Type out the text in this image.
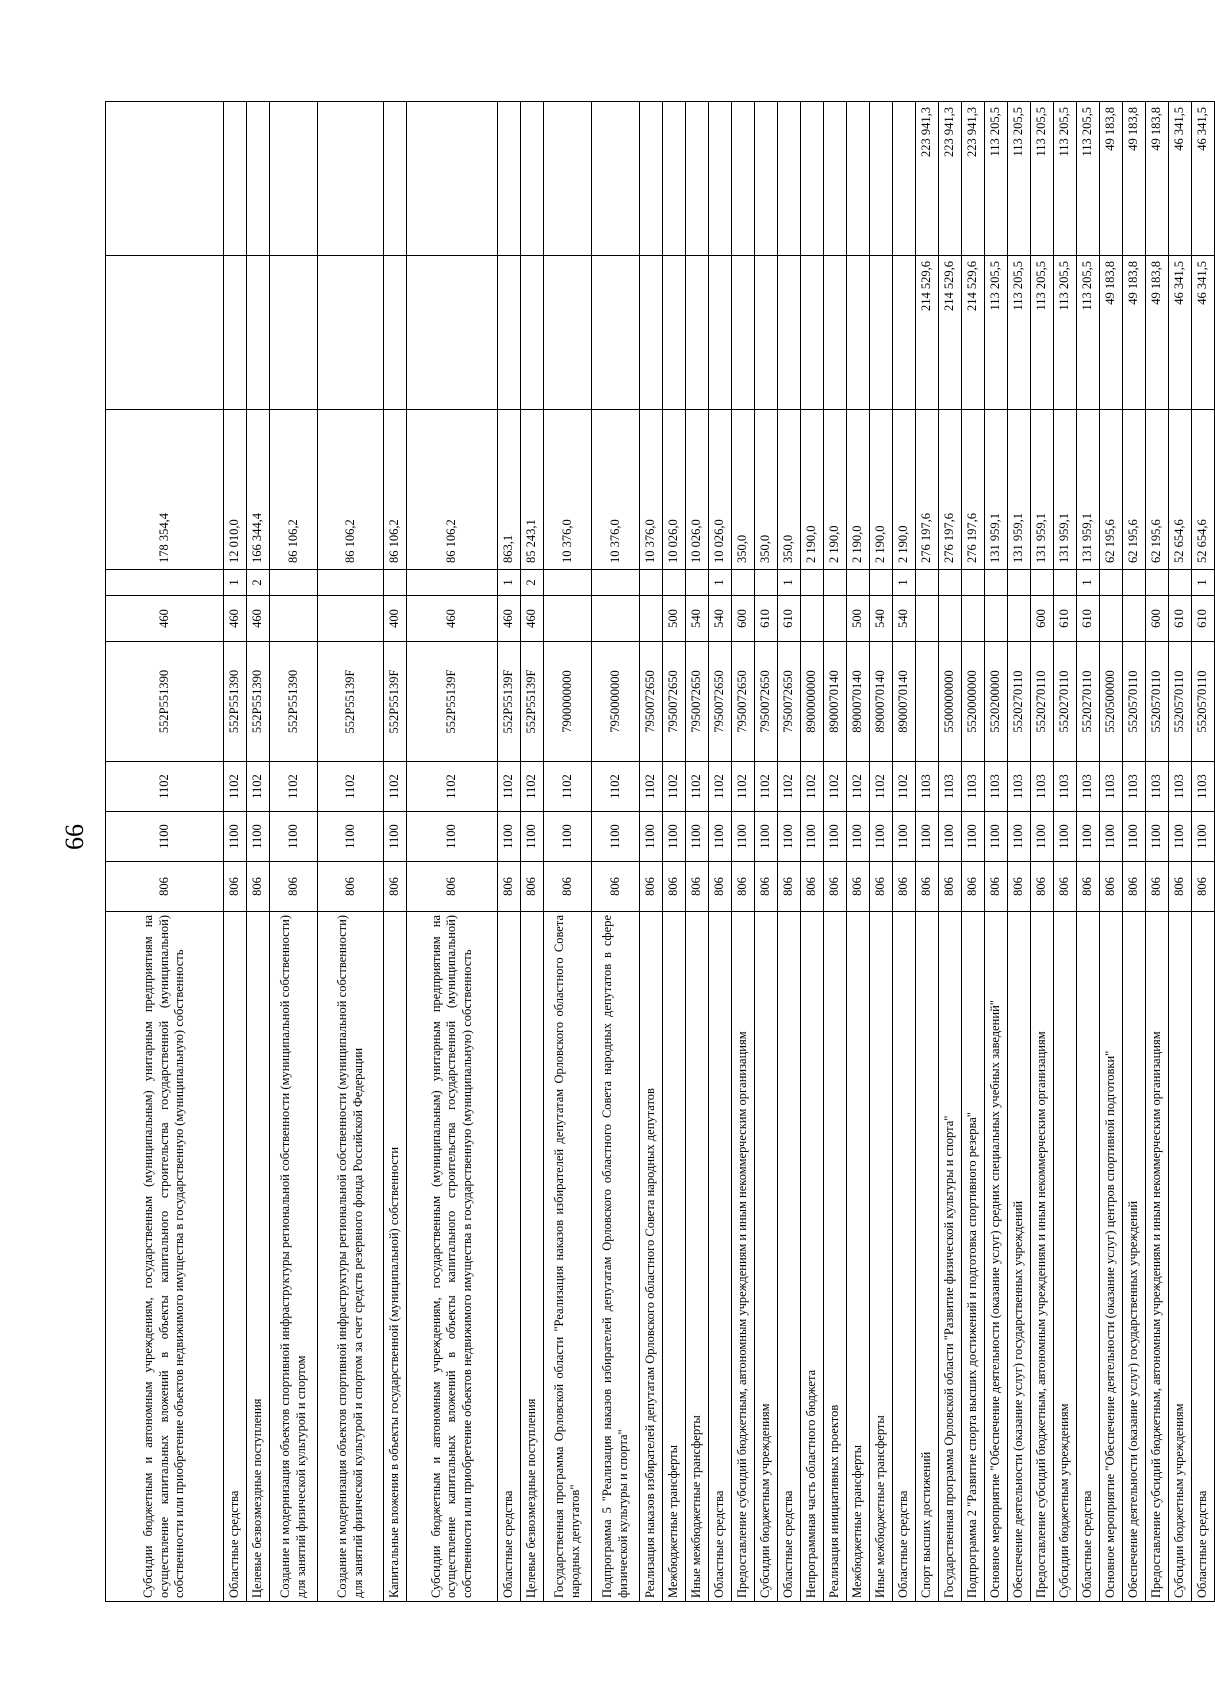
66
Субсидии бюджетным и автономным учреждениям, государственным (муниципальным) унитарным предприятиям на осуществление капитальных вложений в объекты капитального строительства государственной (муниципальной) собственности или приобретение объектов недвижимого имущества в государственную (муниципальную) собственность	806	1100	1102	552P551390	460		178 354,4		
Областные средства	806	1100	1102	552P551390	460	1	12 010,0		
Целевые безвозмездные поступления	806	1100	1102	552P551390	460	2	166 344,4		
Создание и модернизация объектов спортивной инфраструктуры региональной собственности (муниципальной собственности) для занятий физической культурой и спортом	806	1100	1102	552P551390			86 106,2		
Создание и модернизация объектов спортивной инфраструктуры региональной собственности (муниципальной собственности) для занятий физической культурой и спортом за счет средств резервного фонда Российской Федерации	806	1100	1102	552P55139F			86 106,2		
Капитальные вложения в объекты государственной (муниципальной) собственности	806	1100	1102	552P55139F	400		86 106,2		
Субсидии бюджетным и автономным учреждениям, государственным (муниципальным) унитарным предприятиям на осуществление капитальных вложений в объекты капитального строительства государственной (муниципальной) собственности или приобретение объектов недвижимого имущества в государственную (муниципальную) собственность	806	1100	1102	552P55139F	460		86 106,2		
Областные средства	806	1100	1102	552P55139F	460	1	863,1		
Целевые безвозмездные поступления	806	1100	1102	552P55139F	460	2	85 243,1		
Государственная программа Орловской области "Реализация наказов избирателей депутатам Орловского областного Совета народных депутатов"	806	1100	1102	7900000000			10 376,0		
Подпрограмма 5 "Реализация наказов избирателей депутатам Орловского областного Совета народных депутатов в сфере физической культуры и спорта"	806	1100	1102	7950000000			10 376,0		
Реализация наказов избирателей депутатам Орловского областного Совета народных депутатов	806	1100	1102	7950072650			10 376,0		
Межбюджетные трансферты	806	1100	1102	7950072650	500		10 026,0		
Иные межбюджетные трансферты	806	1100	1102	7950072650	540		10 026,0		
Областные средства	806	1100	1102	7950072650	540	1	10 026,0		
Предоставление субсидий бюджетным, автономным учреждениям и иным некоммерческим организациям	806	1100	1102	7950072650	600		350,0		
Субсидии бюджетным учреждениям	806	1100	1102	7950072650	610		350,0		
Областные средства	806	1100	1102	7950072650	610	1	350,0		
Непрограммная часть областного бюджета	806	1100	1102	8900000000			2 190,0		
Реализация инициативных проектов	806	1100	1102	8900070140			2 190,0		
Межбюджетные трансферты	806	1100	1102	8900070140	500		2 190,0		
Иные межбюджетные трансферты	806	1100	1102	8900070140	540		2 190,0		
Областные средства	806	1100	1102	8900070140	540	1	2 190,0		
Спорт высших достижений	806	1100	1103				276 197,6	214 529,6	223 941,3
Государственная программа Орловской области "Развитие физической культуры и спорта"	806	1100	1103	5500000000			276 197,6	214 529,6	223 941,3
Подпрограмма 2 "Развитие спорта высших достижений и подготовка спортивного резерва"	806	1100	1103	5520000000			276 197,6	214 529,6	223 941,3
Основное мероприятие "Обеспечение деятельности (оказание услуг) средних специальных учебных заведений"	806	1100	1103	5520200000			131 959,1	113 205,5	113 205,5
Обеспечение деятельности (оказание услуг) государственных учреждений	806	1100	1103	5520270110			131 959,1	113 205,5	113 205,5
Предоставление субсидий бюджетным, автономным учреждениям и иным некоммерческим организациям	806	1100	1103	5520270110	600		131 959,1	113 205,5	113 205,5
Субсидии бюджетным учреждениям	806	1100	1103	5520270110	610		131 959,1	113 205,5	113 205,5
Областные средства	806	1100	1103	5520270110	610	1	131 959,1	113 205,5	113 205,5
Основное мероприятие "Обеспечение деятельности (оказание услуг) центров спортивной подготовки"	806	1100	1103	5520500000			62 195,6	49 183,8	49 183,8
Обеспечение деятельности (оказание услуг) государственных учреждений	806	1100	1103	5520570110			62 195,6	49 183,8	49 183,8
Предоставление субсидий бюджетным, автономным учреждениям и иным некоммерческим организациям	806	1100	1103	5520570110	600		62 195,6	49 183,8	49 183,8
Субсидии бюджетным учреждениям	806	1100	1103	5520570110	610		52 654,6	46 341,5	46 341,5
Областные средства	806	1100	1103	5520570110	610	1	52 654,6	46 341,5	46 341,5
